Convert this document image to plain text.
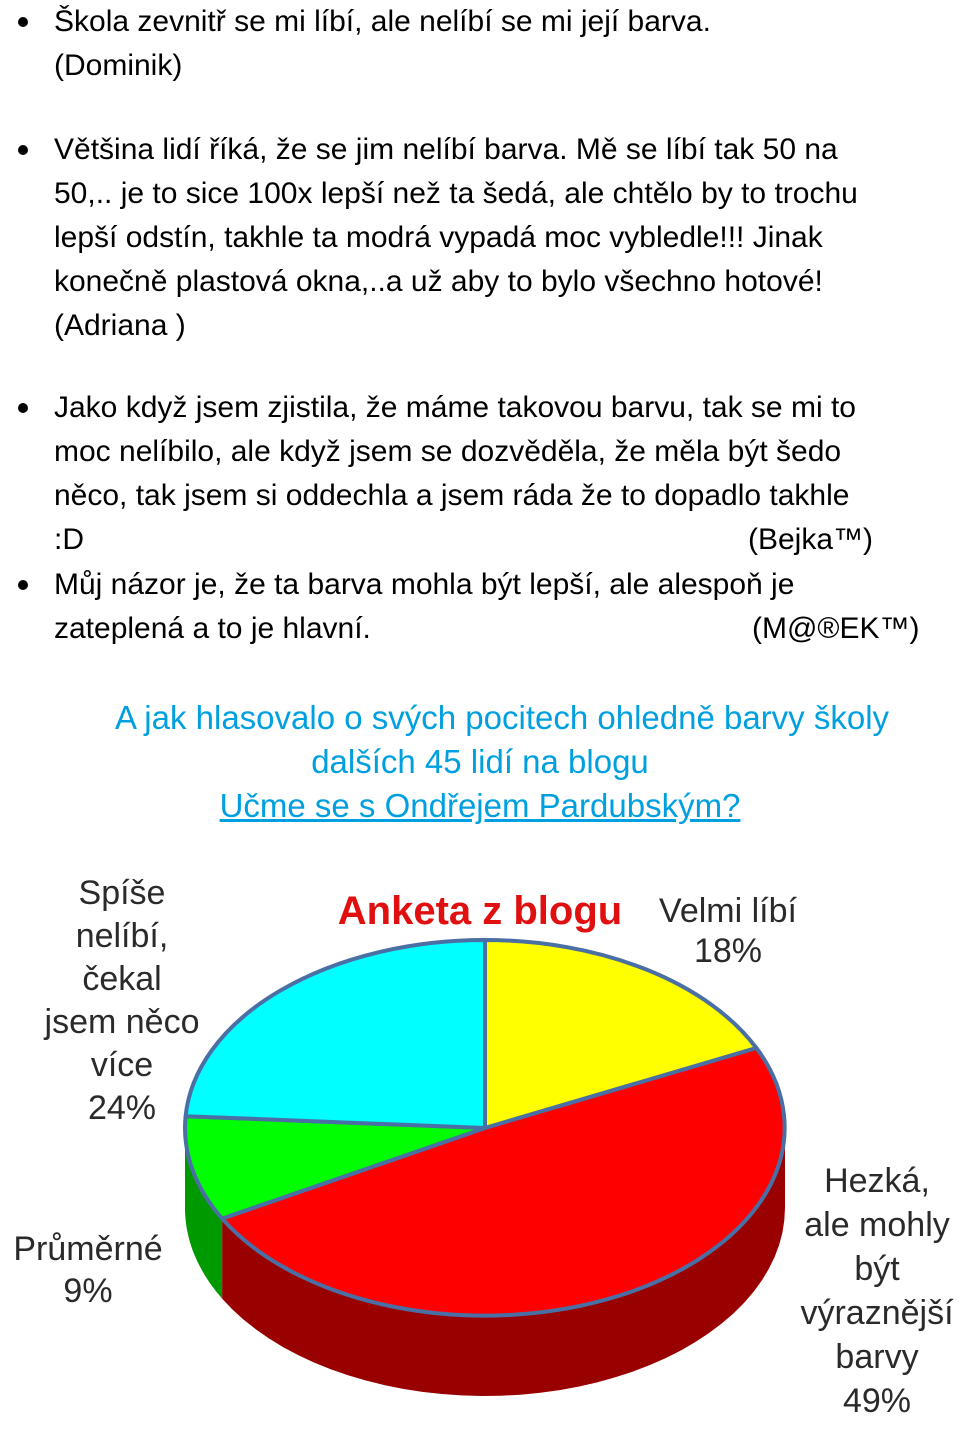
Škola zevnitř se mi líbí, ale nelíbí se mi její barva.
(Dominik)
Většina lidí říká, že se jim nelíbí barva. Mě se líbí tak 50 na
50,.. je to sice 100x lepší než ta šedá, ale chtělo by to trochu
lepší odstín, takhle ta modrá vypadá moc vybledle!!! Jinak
konečně plastová okna,..a už aby to bylo všechno hotové!
(Adriana )
Jako když jsem zjistila, že máme takovou barvu, tak se mi to
moc nelíbilo, ale když jsem se dozvěděla, že měla být šedo
něco, tak jsem si oddechla a jsem ráda že to dopadlo takhle
:D	(Bejka™)
Můj názor je, že ta barva mohla být lepší, ale alespoň je
zateplená a to je hlavní.	(M@®EK™)
A jak hlasovalo o svých pocitech ohledně barvy školy
dalších 45 lidí na blogu
Učme se s Ondřejem Pardubským?
Anketa z blogu Velmi líbí 18%
Hezká, ale mohly být výraznější barvy 49%
Průměrné 9%
Spíše nelíbí, čekal jsem něco více 24%
